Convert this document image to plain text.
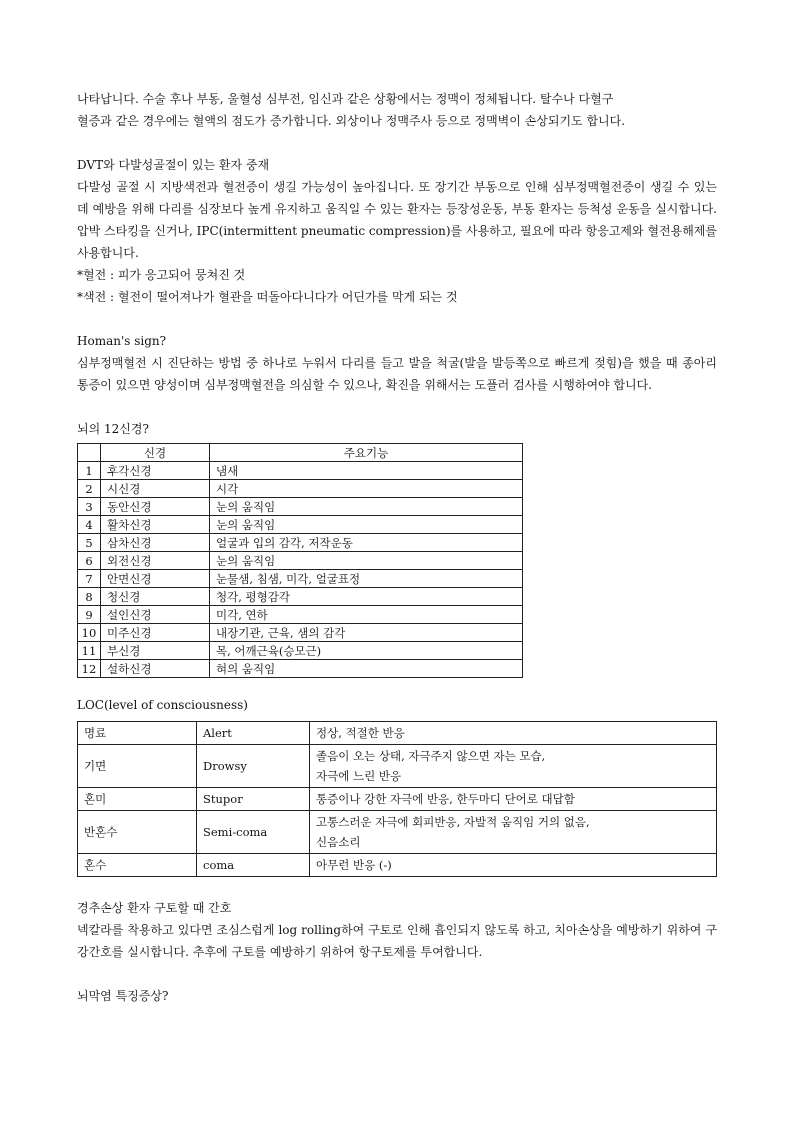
나타납니다. 수술 후나 부동, 울혈성 심부전, 임신과 같은 상황에서는 정맥이 정체됩니다. 탈수나 다혈구

혈증과 같은 경우에는 혈액의 점도가 증가합니다. 외상이나 정맥주사 등으로 정맥벽이 손상되기도 합니다.

DVT와 다발성골절이 있는 환자 중재

다발성 골절 시 지방색전과 혈전증이 생길 가능성이 높아집니다. 또 장기간 부동으로 인해 심부정맥혈전증이 생길 수 있는데 예방을 위해 다리를 심장보다 높게 유지하고 움직일 수 있는 환자는 등장성운동, 부동 환자는 등척성 운동을 실시합니다. 압박 스타킹을 신거나, IPC(intermittent pneumatic compression)를 사용하고, 필요에 따라 항응고제와 혈전용해제를 사용합니다.

*혈전 : 피가 응고되어 뭉쳐진 것

*색전 : 혈전이 떨어져나가 혈관을 떠돌아다니다가 어딘가를 막게 되는 것

Homan's sign?

심부정맥혈전 시 진단하는 방법 중 하나로 누워서 다리를 들고 발을 척굴(발을 발등쪽으로 빠르게 젖힘)을 했을 때 종아리 통증이 있으면 양성이며 심부정맥혈전을 의심할 수 있으나, 확진을 위해서는 도플러 검사를 시행하여야 합니다.

뇌의 12신경?

	신경	주요기능
1	후각신경	냄새
2	시신경	시각
3	동안신경	눈의 움직임
4	활차신경	눈의 움직임
5	삼차신경	얼굴과 입의 감각, 저작운동
6	외전신경	눈의 움직임
7	안면신경	눈물샘, 침샘, 미각, 얼굴표정
8	청신경	청각, 평형감각
9	설인신경	미각, 연하
10	미주신경	내장기관, 근육, 샘의 감각
11	부신경	목, 어깨근육(승모근)
12	설하신경	혀의 움직임

LOC(level of consciousness)

명료	Alert	정상, 적절한 반응

기면	Drowsy	졸음이 오는 상태, 자극주지 않으면 자는 모습,
자극에 느린 반응

혼미	Stupor	통증이나 강한 자극에 반응, 한두마디 단어로 대답함

반혼수	Semi-coma	고통스러운 자극에 회피반응, 자발적 움직임 거의 없음,
신음소리

혼수	coma	아무런 반응 (-)

경추손상 환자 구토할 때 간호

넥칼라를 착용하고 있다면 조심스럽게 log rolling하여 구토로 인해 흡인되지 않도록 하고, 치아손상을 예방하기 위하여 구강간호를 실시합니다. 추후에 구토를 예방하기 위하여 항구토제를 투여합니다.

뇌막염 특징증상?
